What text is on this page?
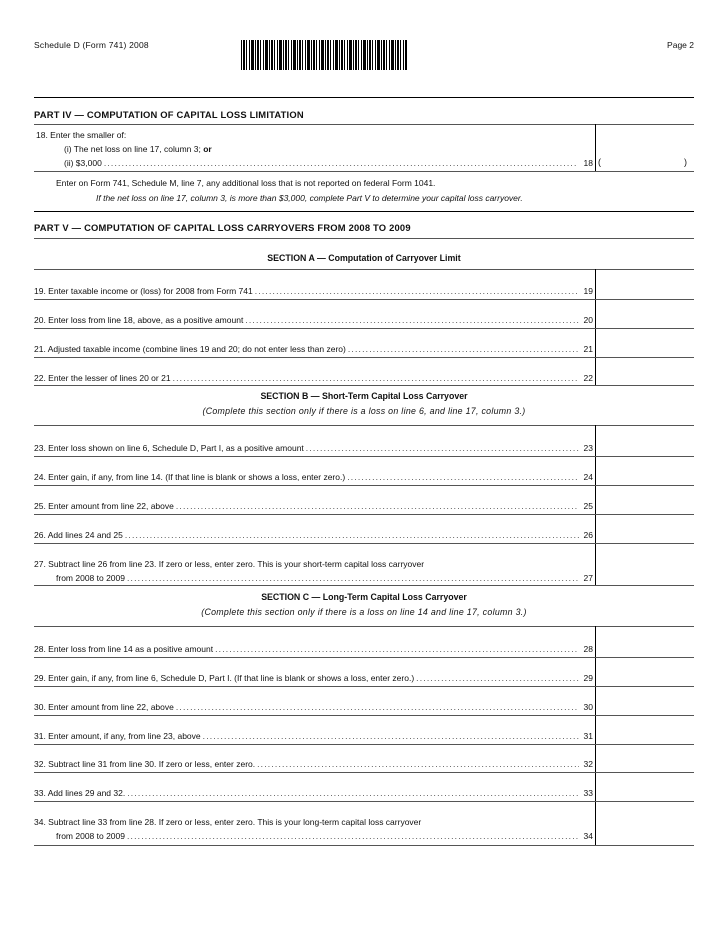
Schedule D (Form 741) 2008	Page 2
PART IV — COMPUTATION OF CAPITAL LOSS LIMITATION
18. Enter the smaller of:
(i) The net loss on line 17, column 3; or
(ii) $3,000 .....	18 (	)
Enter on Form 741, Schedule M, line 7, any additional loss that is not reported on federal Form 1041.
If the net loss on line 17, column 3, is more than $3,000, complete Part V to determine your capital loss carryover.
PART V — COMPUTATION OF CAPITAL LOSS CARRYOVERS FROM 2008 TO 2009
SECTION A — Computation of Carryover Limit
19. Enter taxable income or (loss) for 2008 from Form 741 .....	19
20. Enter loss from line 18, above, as a positive amount .....	20
21. Adjusted taxable income (combine lines 19 and 20; do not enter less than zero) .....	21
22. Enter the lesser of lines 20 or 21 .....	22
SECTION B — Short-Term Capital Loss Carryover
(Complete this section only if there is a loss on line 6, and line 17, column 3.)
23. Enter loss shown on line 6, Schedule D, Part I, as a positive amount .....	23
24. Enter gain, if any, from line 14. (If that line is blank or shows a loss, enter zero.) .....	24
25. Enter amount from line 22, above .....	25
26. Add lines 24 and 25 .....	26
27. Subtract line 26 from line 23. If zero or less, enter zero. This is your short-term capital loss carryover
from 2008 to 2009 .....	27
SECTION C — Long-Term Capital Loss Carryover
(Complete this section only if there is a loss on line 14 and line 17, column 3.)
28. Enter loss from line 14 as a positive amount .....	28
29. Enter gain, if any, from line 6, Schedule D, Part I. (If that line is blank or shows a loss, enter zero.) .....	29
30. Enter amount from line 22, above .....	30
31. Enter amount, if any, from line 23, above .....	31
32. Subtract line 31 from line 30. If zero or less, enter zero. .....	32
33. Add lines 29 and 32. .....	33
34. Subtract line 33 from line 28. If zero or less, enter zero. This is your long-term capital loss carryover
from 2008 to 2009 .....	34
